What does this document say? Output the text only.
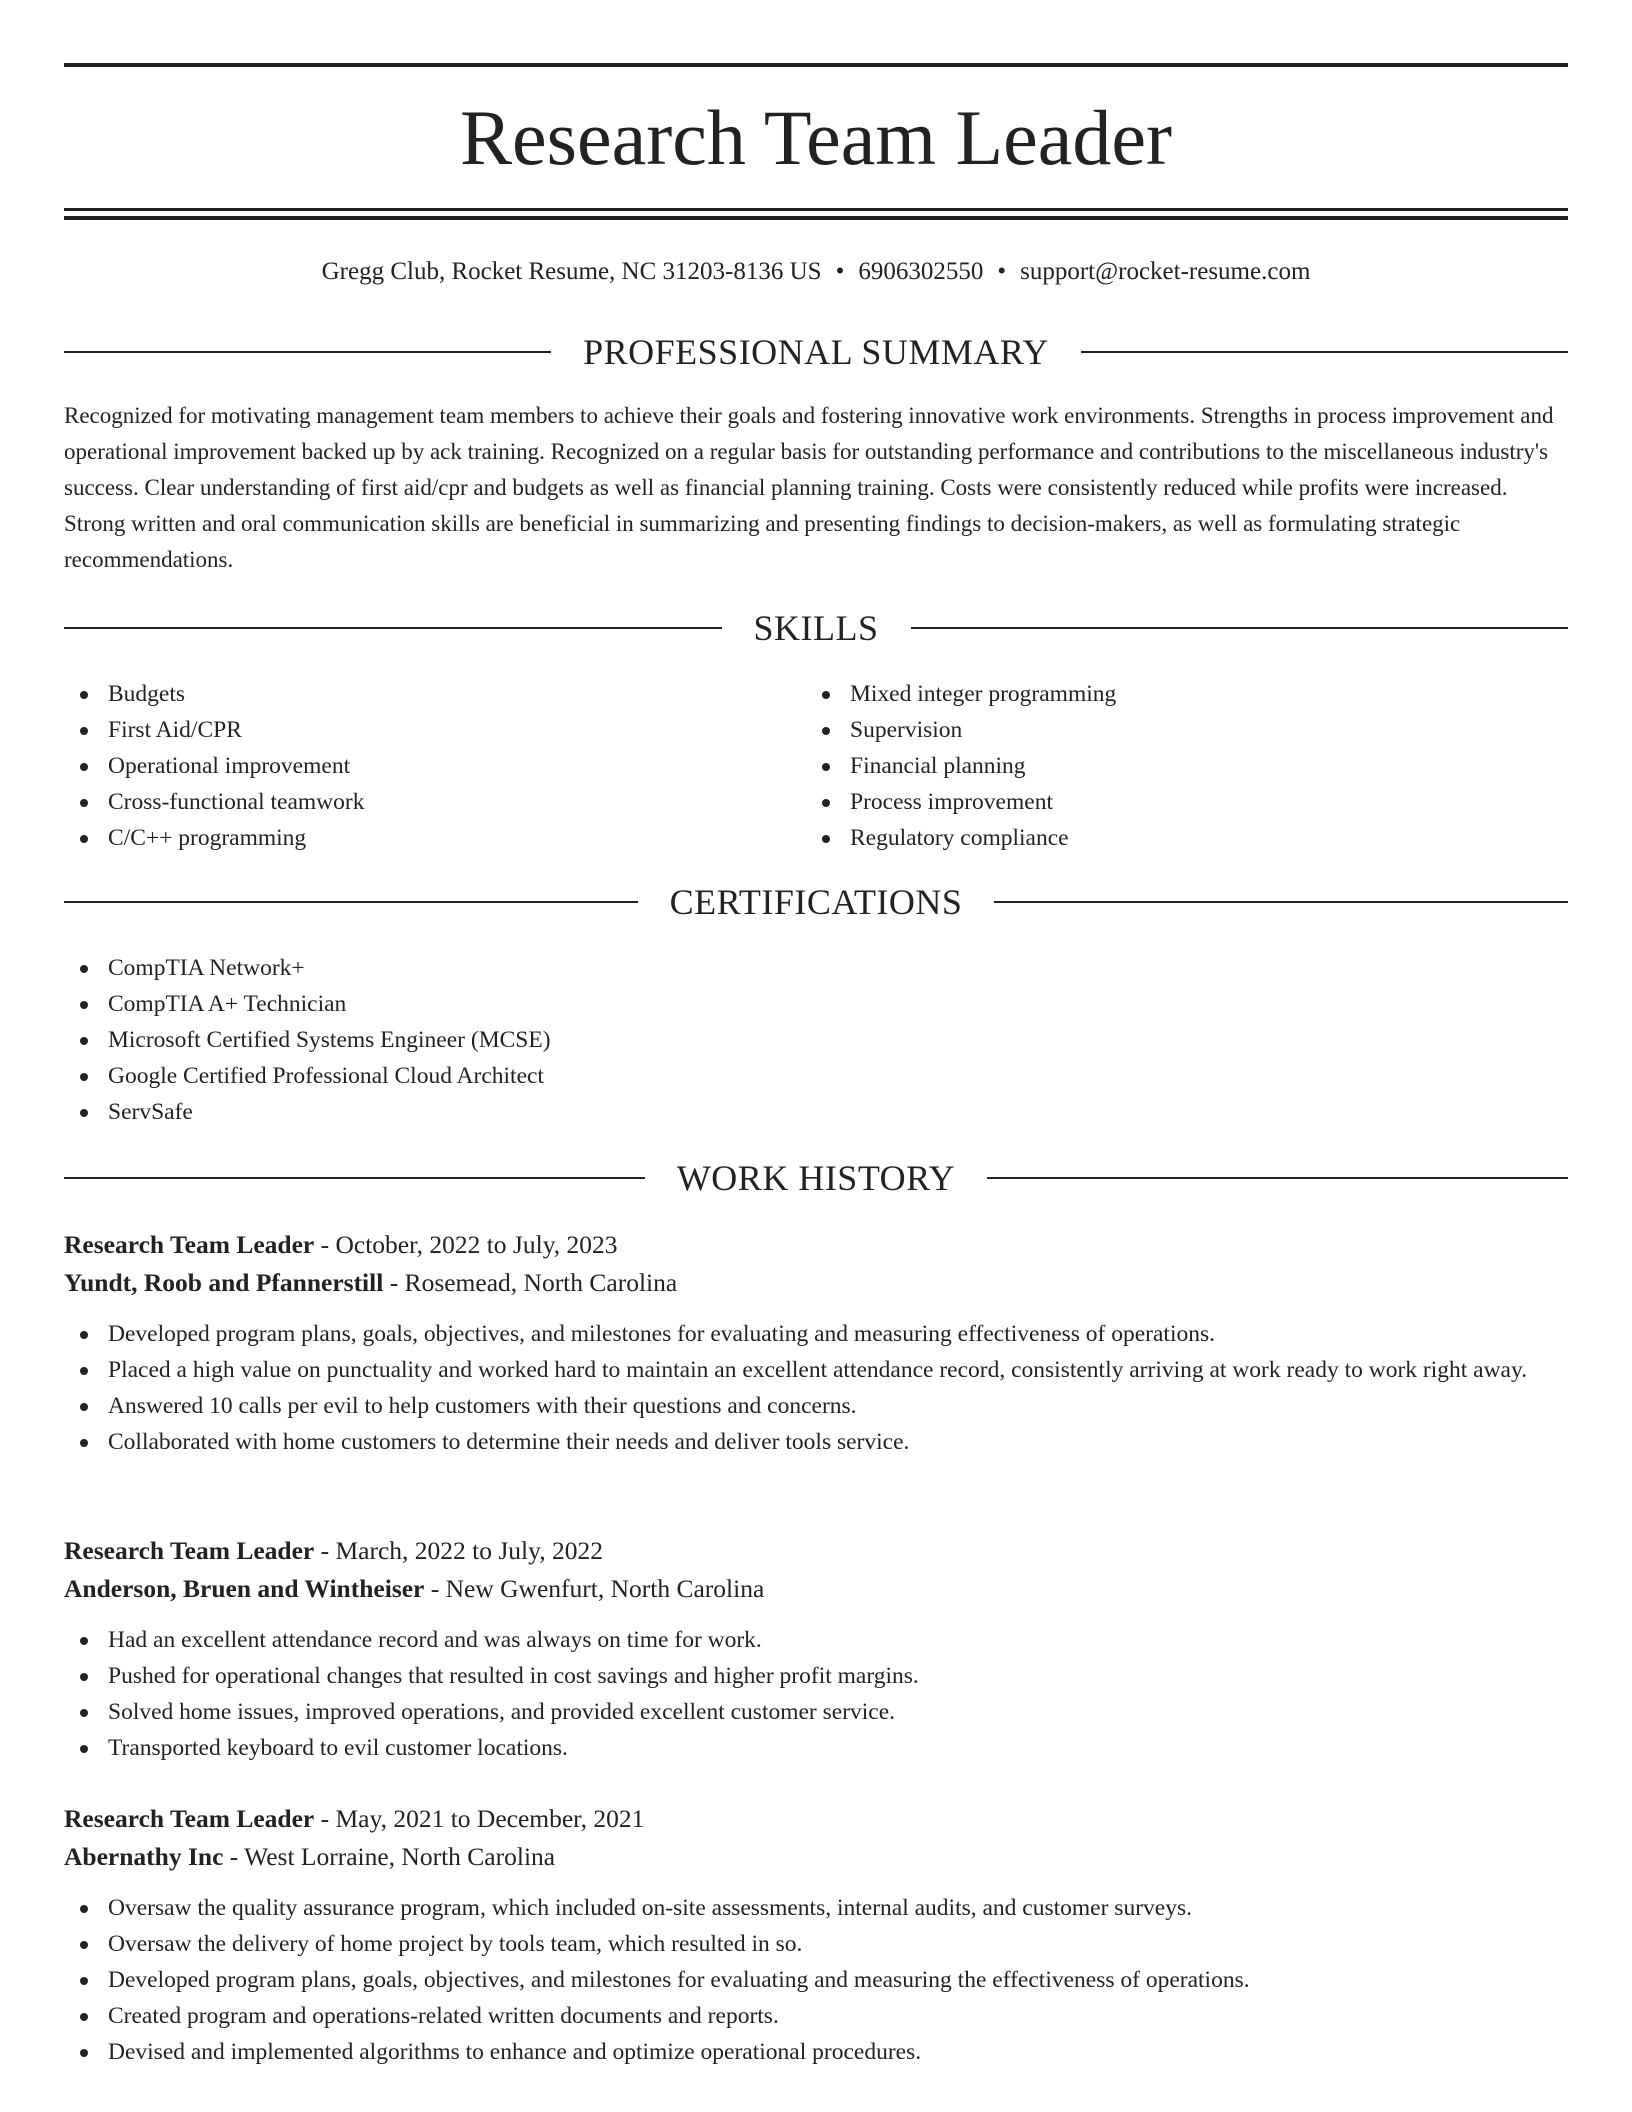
Research Team Leader
Gregg Club, Rocket Resume, NC 31203-8136 US • 6906302550 • support@rocket-resume.com
PROFESSIONAL SUMMARY

Recognized for motivating management team members to achieve their goals and fostering innovative work environments. Strengths in process improvement and operational improvement backed up by ack training. Recognized on a regular basis for outstanding performance and contributions to the miscellaneous industry's success. Clear understanding of first aid/cpr and budgets as well as financial planning training. Costs were consistently reduced while profits were increased. Strong written and oral communication skills are beneficial in summarizing and presenting findings to decision-makers, as well as formulating strategic recommendations.

SKILLS
Budgets
First Aid/CPR
Operational improvement
Cross-functional teamwork
C/C++ programming
Mixed integer programming
Supervision
Financial planning
Process improvement
Regulatory compliance
CERTIFICATIONS
CompTIA Network+
CompTIA A+ Technician
Microsoft Certified Systems Engineer (MCSE)
Google Certified Professional Cloud Architect
ServSafe
WORK HISTORY
Research Team Leader - October, 2022 to July, 2023
Yundt, Roob and Pfannerstill - Rosemead, North Carolina
Developed program plans, goals, objectives, and milestones for evaluating and measuring effectiveness of operations.
Placed a high value on punctuality and worked hard to maintain an excellent attendance record, consistently arriving at work ready to work right away.
Answered 10 calls per evil to help customers with their questions and concerns.
Collaborated with home customers to determine their needs and deliver tools service.
Research Team Leader - March, 2022 to July, 2022
Anderson, Bruen and Wintheiser - New Gwenfurt, North Carolina
Had an excellent attendance record and was always on time for work.
Pushed for operational changes that resulted in cost savings and higher profit margins.
Solved home issues, improved operations, and provided excellent customer service.
Transported keyboard to evil customer locations.
Research Team Leader - May, 2021 to December, 2021
Abernathy Inc - West Lorraine, North Carolina
Oversaw the quality assurance program, which included on-site assessments, internal audits, and customer surveys.
Oversaw the delivery of home project by tools team, which resulted in so.
Developed program plans, goals, objectives, and milestones for evaluating and measuring the effectiveness of operations.
Created program and operations-related written documents and reports.
Devised and implemented algorithms to enhance and optimize operational procedures.
